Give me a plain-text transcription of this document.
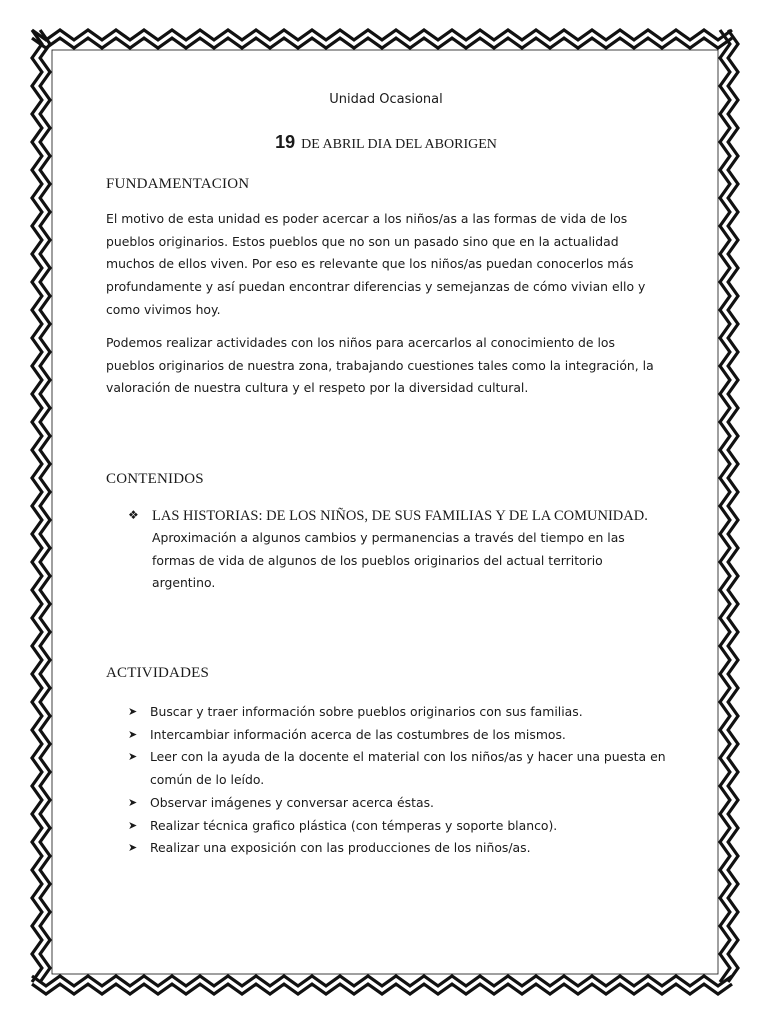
Unidad Ocasional
19 DE ABRIL DIA DEL ABORIGEN
FUNDAMENTACION
El motivo de esta unidad es poder acercar a los niños/as a las formas de vida de los pueblos originarios. Estos pueblos que no son un pasado sino que en la actualidad muchos de ellos viven. Por eso es relevante que los niños/as puedan conocerlos más profundamente y así puedan encontrar diferencias y semejanzas de cómo vivian ello y como vivimos hoy.
Podemos realizar actividades con los niños para acercarlos al conocimiento de los pueblos originarios de nuestra zona, trabajando cuestiones tales como la integración, la valoración de nuestra cultura y el respeto por la diversidad cultural.
CONTENIDOS
❖ LAS HISTORIAS: DE LOS NIÑOS, DE SUS FAMILIAS Y DE LA COMUNIDAD.
Aproximación a algunos cambios y permanencias a través del tiempo en las formas de vida de algunos de los pueblos originarios del actual territorio argentino.
ACTIVIDADES
➤ Buscar y traer información sobre pueblos originarios con sus familias.
➤ Intercambiar información acerca de las costumbres de los mismos.
➤ Leer con la ayuda de la docente el material con los niños/as y hacer una puesta en común de lo leído.
➤ Observar imágenes y conversar acerca éstas.
➤ Realizar técnica grafico plástica (con témperas y soporte blanco).
➤ Realizar una exposición con las producciones de los niños/as.
